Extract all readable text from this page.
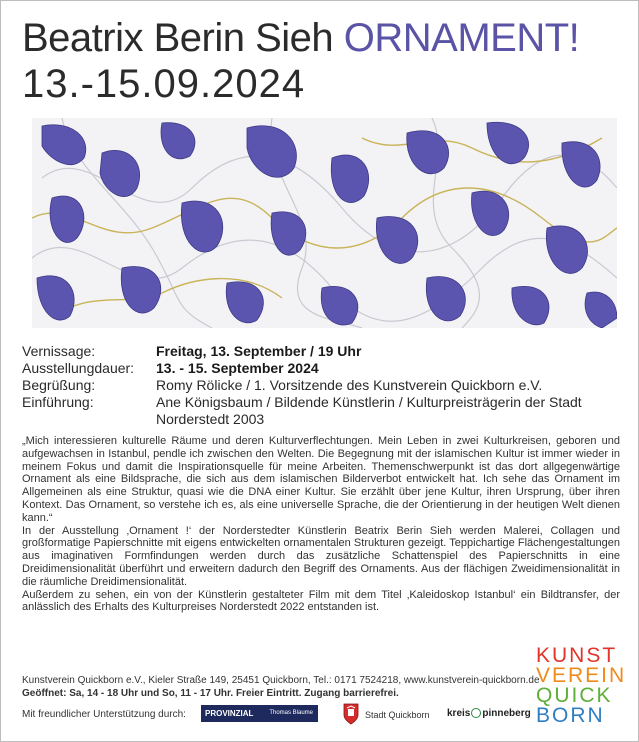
Beatrix Berin Sieh ORNAMENT!
13.-15.09.2024
Vernissage:	Freitag, 13. September / 19 Uhr
Ausstellungdauer:	13. - 15. September 2024
Begrüßung:	Romy Rölicke / 1. Vorsitzende des Kunstverein Quickborn e.V.
Einführung:	Ane Königsbaum / Bildende Künstlerin / Kulturpreisträgerin der Stadt Norderstedt 2003

„Mich interessieren kulturelle Räume und deren Kulturverflechtungen. Mein Leben in zwei Kulturkreisen, geboren und aufgewachsen in Istanbul, pendle ich zwischen den Welten. Die Begegnung mit der islamischen Kultur ist immer wieder in meinem Fokus und damit die Inspirationsquelle für meine Arbeiten. Themenschwerpunkt ist das dort allgegenwärtige Ornament als eine Bildsprache, die sich aus dem islamischen Bilderverbot entwickelt hat. Ich sehe das Ornament im Allgemeinen als eine Struktur, quasi wie die DNA einer Kultur. Sie erzählt über jene Kultur, ihren Ursprung, über ihren Kontext. Das Ornament, so verstehe ich es, als eine universelle Sprache, die der Orientierung in der heutigen Welt dienen kann.“

In der Ausstellung ‚Ornament !‘ der Norderstedter Künstlerin Beatrix Berin Sieh werden Malerei, Collagen und großformatige Papierschnitte mit eigens entwickelten ornamentalen Strukturen gezeigt. Teppichartige Flächengestaltungen aus imaginativen Formfindungen werden durch das zusätzliche Schattenspiel des Papierschnitts in eine Dreidimensionalität überführt und erweitern dadurch den Begriff des Ornaments. Aus der flächigen Zweidimensionalität in die räumliche Dreidimensionalität.

Außerdem zu sehen, ein von der Künstlerin gestalteter Film mit dem Titel ‚Kaleidoskop Istanbul‘ ein Bildtransfer, der anlässlich des Erhalts des Kulturpreises Norderstedt 2022 entstanden ist.

Kunstverein Quickborn e.V., Kieler Straße 149, 25451 Quickborn, Tel.: 0171 7524218, www.kunstverein-quickborn.de Geöffnet: Sa, 14 - 18 Uhr und So, 11 - 17 Uhr. Freier Eintritt. Zugang barrierefrei.
KUNST
VEREIN
QUICK
BORN
Mit freundlicher Unterstützung durch:	PROVINZIAL	Thomas Blaume	Stadt Quickborn kreis pinneberg
